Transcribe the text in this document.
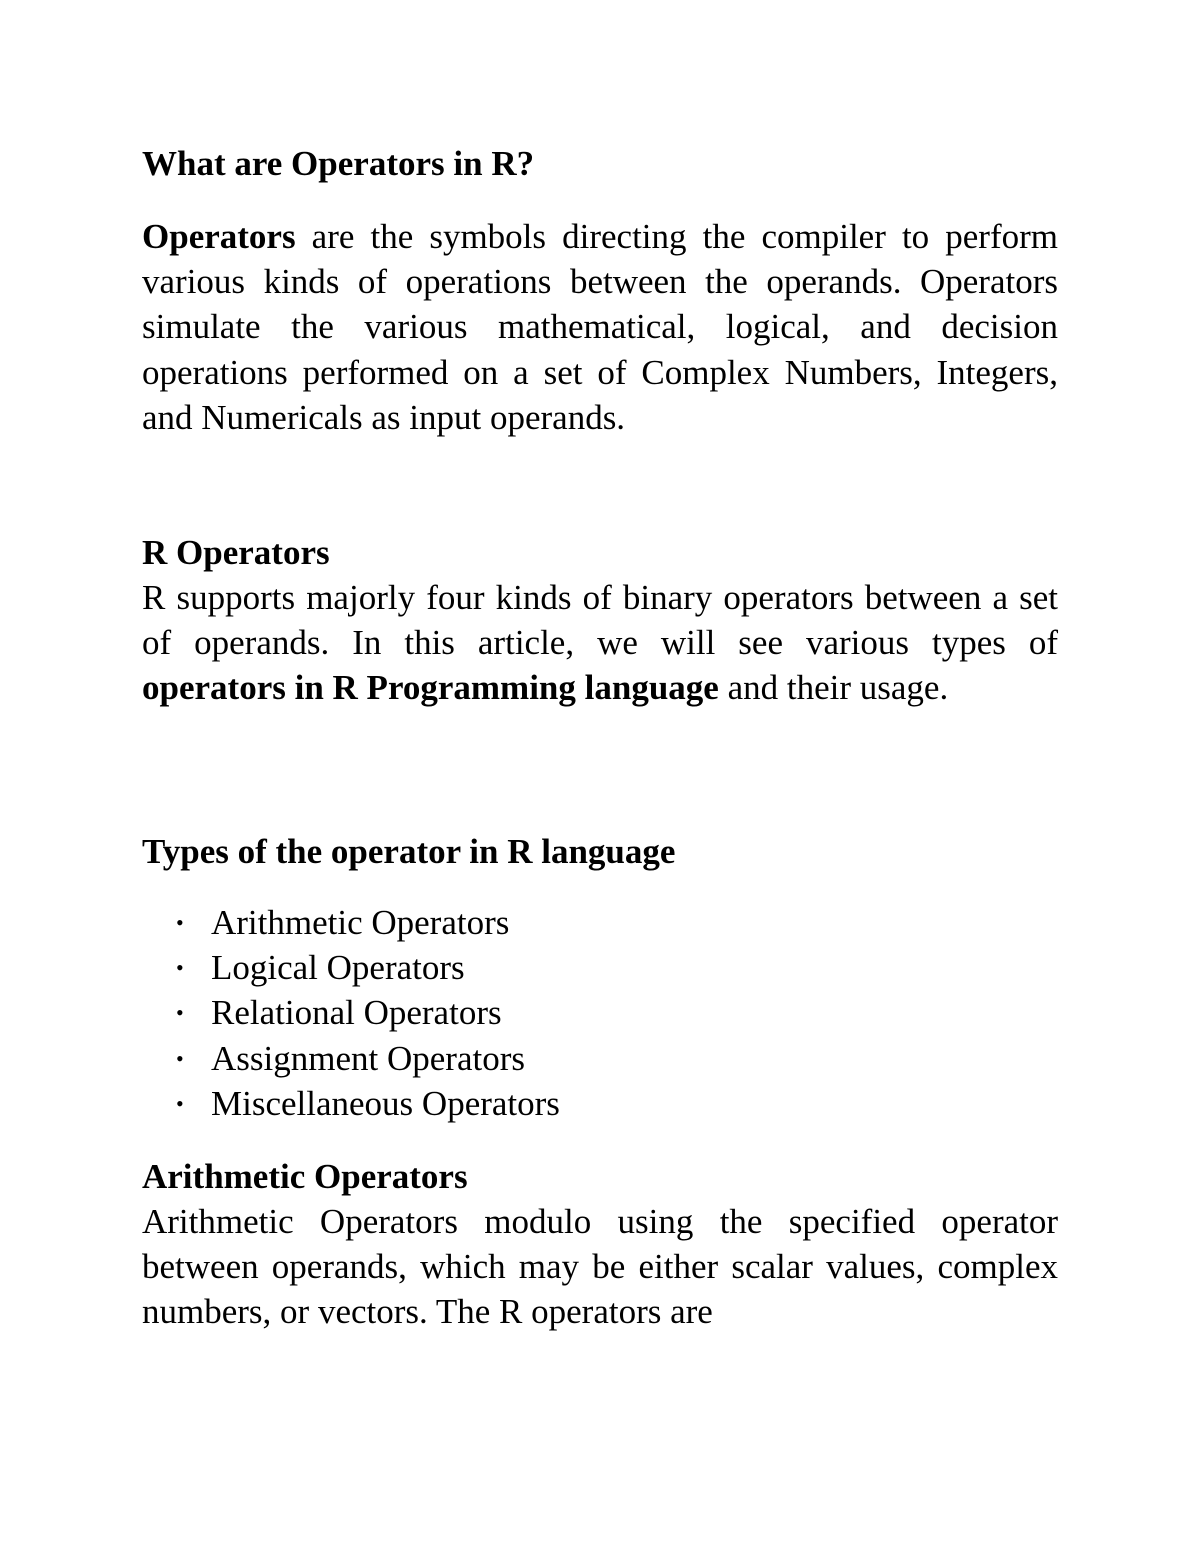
What are Operators in R?
Operators are the symbols directing the compiler to perform various kinds of operations between the operands. Operators simulate the various mathematical, logical, and decision operations performed on a set of Complex Numbers, Integers, and Numericals as input operands.
R Operators
R supports majorly four kinds of binary operators between a set of operands. In this article, we will see various types of operators in R Programming language and their usage.
Types of the operator in R language
• Arithmetic Operators
• Logical Operators
• Relational Operators
• Assignment Operators
• Miscellaneous Operators
Arithmetic Operators
Arithmetic Operators modulo using the specified operator between operands, which may be either scalar values, complex numbers, or vectors. The R operators are
